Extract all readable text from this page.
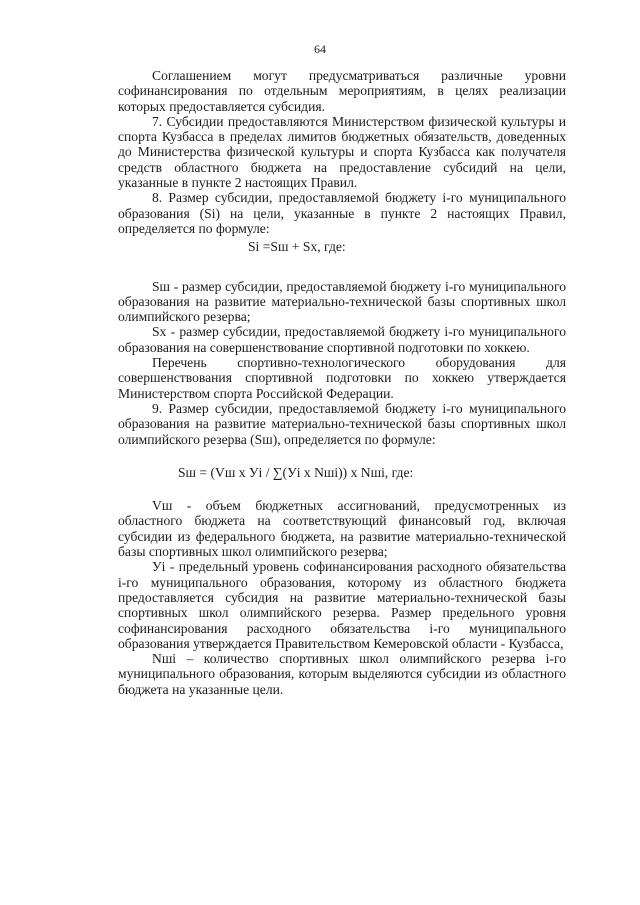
64

Соглашением могут предусматриваться различные уровни софинансирования по отдельным мероприятиям, в целях реализации которых предоставляется субсидия.

7. Субсидии предоставляются Министерством физической культуры и спорта Кузбасса в пределах лимитов бюджетных обязательств, доведенных до Министерства физической культуры и спорта Кузбасса как получателя средств областного бюджета на предоставление субсидий на цели, указанные в пункте 2 настоящих Правил.

8. Размер субсидии, предоставляемой бюджету i-го муниципального образования (Si) на цели, указанные в пункте 2 настоящих Правил, определяется по формуле:

Si =Sш + Sх, где:

Sш - размер субсидии, предоставляемой бюджету i-го муниципального образования на развитие материально-технической базы спортивных школ олимпийского резерва;

Sх - размер субсидии, предоставляемой бюджету i-го муниципального образования на совершенствование спортивной подготовки по хоккею.

Перечень спортивно-технологического оборудования для совершенствования спортивной подготовки по хоккею утверждается Министерством спорта Российской Федерации.

9. Размер субсидии, предоставляемой бюджету i-го муниципального образования на развитие материально-технической базы спортивных школ олимпийского резерва (Sш), определяется по формуле:

Sш = (Vш x Уi / ∑(Уi x Nшi)) x Nшi, где:

Vш - объем бюджетных ассигнований, предусмотренных из областного бюджета на соответствующий финансовый год, включая субсидии из федерального бюджета, на развитие материально-технической базы спортивных школ олимпийского резерва;

Уi - предельный уровень софинансирования расходного обязательства i-го муниципального образования, которому из областного бюджета предоставляется субсидия на развитие материально-технической базы спортивных школ олимпийского резерва. Размер предельного уровня софинансирования расходного обязательства i-го муниципального образования утверждается Правительством Кемеровской области - Кузбасса,

Nшi – количество спортивных школ олимпийского резерва i-го муниципального образования, которым выделяются субсидии из областного бюджета на указанные цели.
